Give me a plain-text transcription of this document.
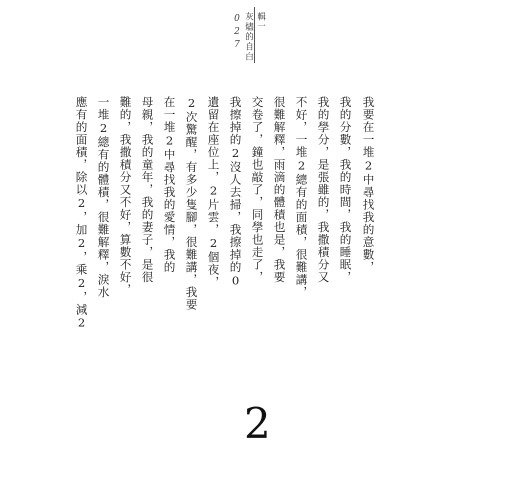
輯一
灰燼的自白
027
我要在一堆2中尋找我的意數，
我的分數，我的時間，我的睡眠，
我的學分，是張雖的，我撒積分又
不好，一堆2總有的面積，很難講，
很難解釋，雨滴的體積也是，我要
交卷了，鐘也敲了，同學也走了，
我擦掉的2沒人去掃，我擦掉的0
遺留在座位上，2片雲，2個夜，
2次驚醒，有多少隻腳，很難講，我要
在一堆2中尋找我的愛情，我的
母親，我的童年，我的妻子，是很
難的，我撒積分又不好，算數不好，
一堆2總有的體積，很難解釋，淚水
應有的面積，除以2，加2，乘2，減2
2
